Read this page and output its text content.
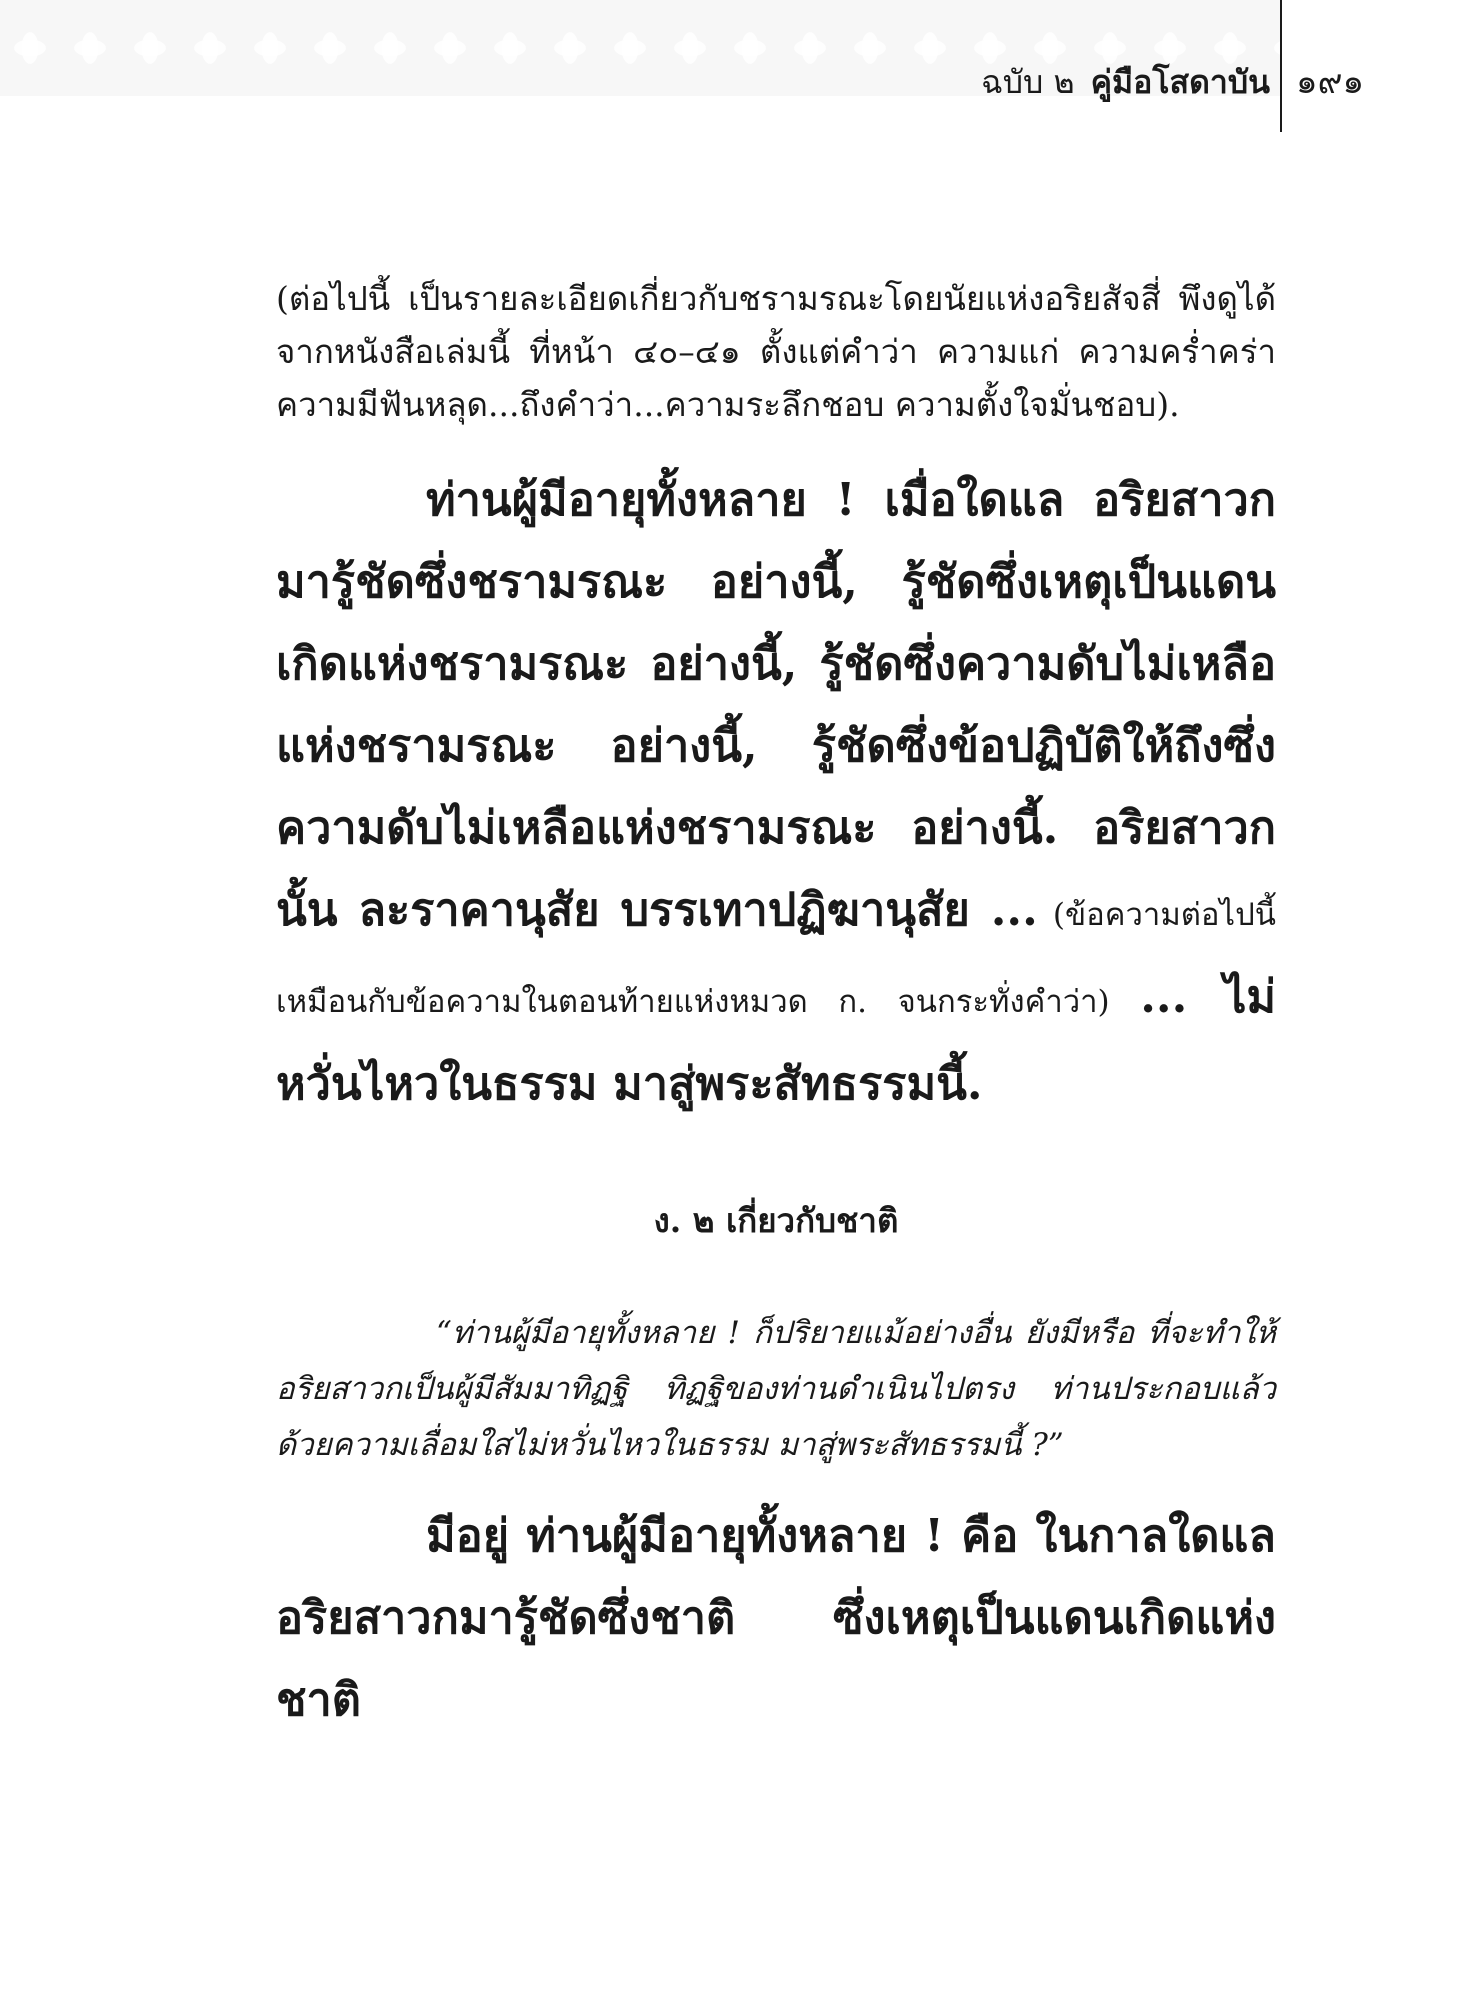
ฉบับ ๒ คู่มือโสดาบัน ๑๙๑

(ต่อไปนี้ เป็นรายละเอียดเกี่ยวกับชรามรณะโดยนัยแห่งอริยสัจสี่ พึงดูได้จากหนังสือเล่มนี้ ที่หน้า ๔๐–๔๑ ตั้งแต่คำว่า ความแก่ ความคร่ำคร่า ความมีฟันหลุด...ถึงคำว่า...ความระลึกชอบ ความตั้งใจมั่นชอบ).

ท่านผู้มีอายุทั้งหลาย ! เมื่อใดแล อริยสาวกมารู้ชัดซึ่งชรามรณะ อย่างนี้, รู้ชัดซึ่งเหตุเป็นแดนเกิดแห่งชรามรณะ อย่างนี้, รู้ชัดซึ่งความดับไม่เหลือแห่งชรามรณะ อย่างนี้, รู้ชัดซึ่งข้อปฏิบัติให้ถึงซึ่งความดับไม่เหลือแห่งชรามรณะ อย่างนี้. อริยสาวกนั้น ละราคานุสัย บรรเทาปฏิฆานุสัย ... (ข้อความต่อไปนี้เหมือนกับข้อความในตอนท้ายแห่งหมวด ก. จนกระทั่งคำว่า) ... ไม่หวั่นไหวในธรรม มาสู่พระสัทธรรมนี้.

ง. ๒ เกี่ยวกับชาติ

“ท่านผู้มีอายุทั้งหลาย ! ก็ปริยายแม้อย่างอื่น ยังมีหรือ ที่จะทำให้อริยสาวกเป็นผู้มีสัมมาทิฏฐิ ทิฏฐิของท่านดำเนินไปตรง ท่านประกอบแล้วด้วยความเลื่อมใสไม่หวั่นไหวในธรรม มาสู่พระสัทธรรมนี้ ?”

มีอยู่ ท่านผู้มีอายุทั้งหลาย ! คือ ในกาลใดแล อริยสาวกมารู้ชัดซึ่งชาติ ซึ่งเหตุเป็นแดนเกิดแห่งชาติ
